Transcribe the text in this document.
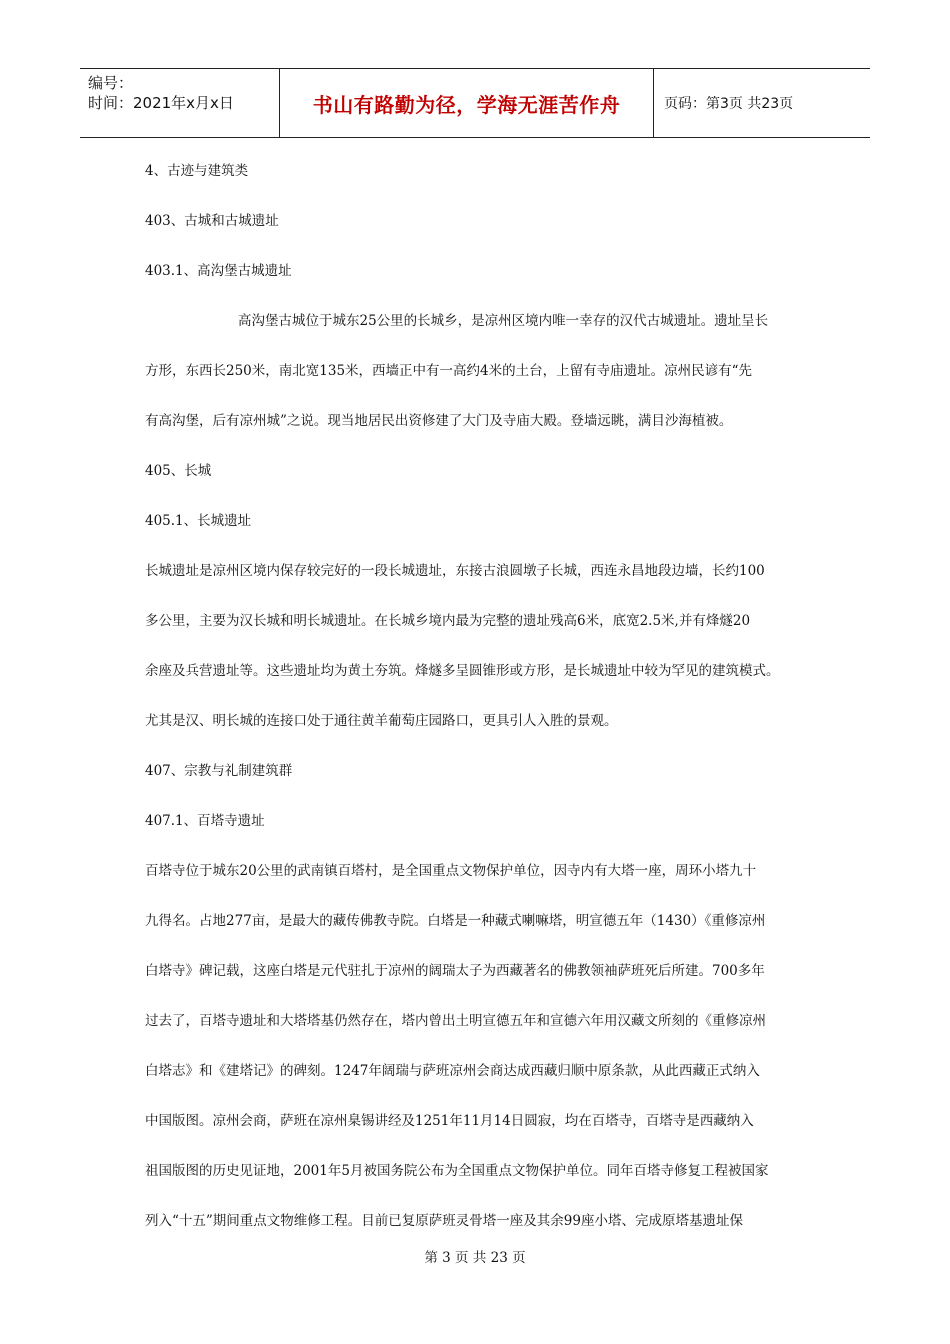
编号：
时间：2021年x月x日	书山有路勤为径，学海无涯苦作舟	页码：第3页 共23页
4、古迹与建筑类
403、古城和古城遗址
403.1、高沟堡古城遗址
高沟堡古城位于城东25公里的长城乡，是凉州区境内唯一幸存的汉代古城遗址。遗址呈长
方形，东西长250米，南北宽135米，西墙正中有一高约4米的土台，上留有寺庙遗址。凉州民谚有“先
有高沟堡，后有凉州城”之说。现当地居民出资修建了大门及寺庙大殿。登墙远眺，满目沙海植被。
405、长城
405.1、长城遗址
长城遗址是凉州区境内保存较完好的一段长城遗址，东接古浪圆墩子长城，西连永昌地段边墙，长约100
多公里，主要为汉长城和明长城遗址。在长城乡境内最为完整的遗址残高6米，底宽2.5米,并有烽燧20
余座及兵营遗址等。这些遗址均为黄土夯筑。烽燧多呈圆锥形或方形，是长城遗址中较为罕见的建筑模式。
尤其是汉、明长城的连接口处于通往黄羊葡萄庄园路口，更具引人入胜的景观。
407、宗教与礼制建筑群
407.1、百塔寺遗址
百塔寺位于城东20公里的武南镇百塔村，是全国重点文物保护单位，因寺内有大塔一座，周环小塔九十
九得名。占地277亩，是最大的藏传佛教寺院。白塔是一种藏式喇嘛塔，明宣德五年（1430）《重修凉州
白塔寺》碑记载，这座白塔是元代驻扎于凉州的阔瑞太子为西藏著名的佛教领袖萨班死后所建。700多年
过去了，百塔寺遗址和大塔塔基仍然存在，塔内曾出土明宣德五年和宣德六年用汉藏文所刻的《重修凉州
白塔志》和《建塔记》的碑刻。1247年阔瑞与萨班凉州会商达成西藏归顺中原条款，从此西藏正式纳入
中国版图。凉州会商，萨班在凉州臬锡讲经及1251年11月14日圆寂，均在百塔寺，百塔寺是西藏纳入
祖国版图的历史见证地，2001年5月被国务院公布为全国重点文物保护单位。同年百塔寺修复工程被国家
列入“十五”期间重点文物维修工程。目前已复原萨班灵骨塔一座及其余99座小塔、完成原塔基遗址保
第 3 页 共 23 页
